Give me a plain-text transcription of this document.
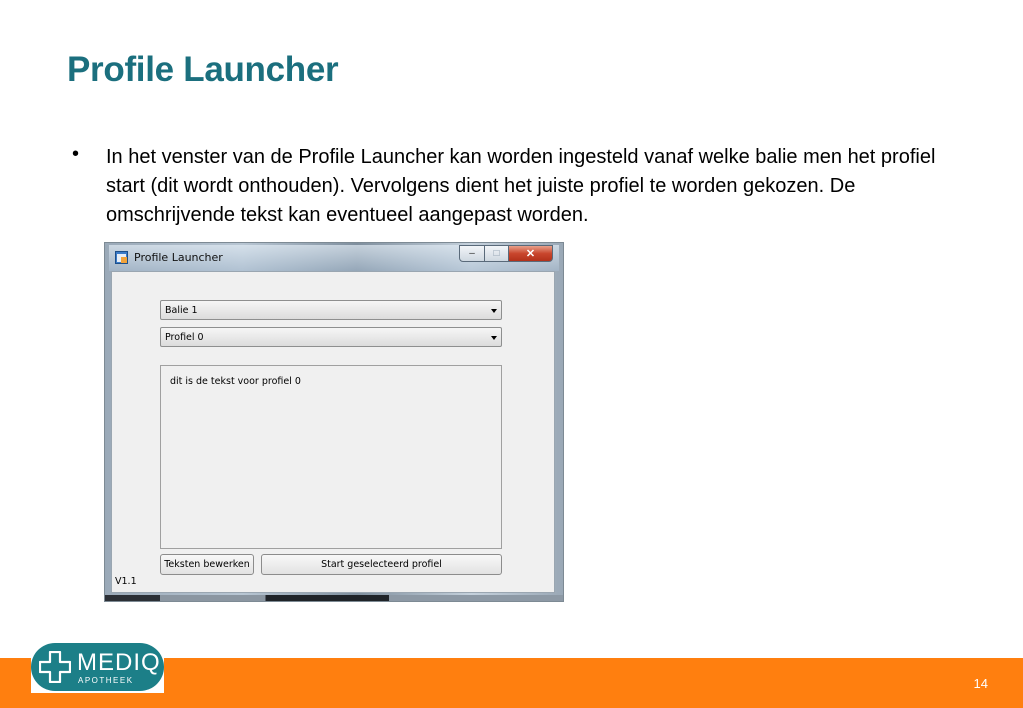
Profile Launcher
• In het venster van de Profile Launcher kan worden ingesteld vanaf welke balie men het profiel start (dit wordt onthouden). Vervolgens dient het juiste profiel te worden gekozen. De omschrijvende tekst kan eventueel aangepast worden.
Profile Launcher	– □ ✕
Balie 1
Profiel 0
dit is de tekst voor profiel 0
Teksten bewerken	Start geselecteerd profiel
V1.1
14
MEDIQ
APOTHEEK
